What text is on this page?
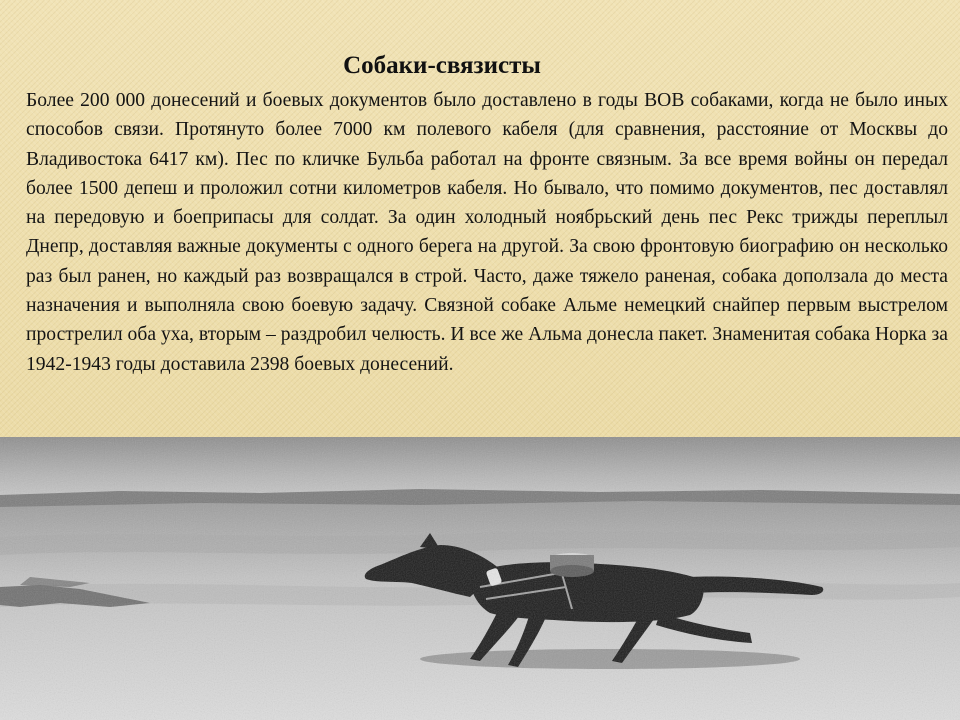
Собаки-связисты

Более 200 000 донесений и боевых документов было доставлено в годы ВОВ собаками, когда не было иных способов связи. Протянуто более 7000 км полевого кабеля (для сравнения, расстояние от Москвы до Владивостока 6417 км). Пес по кличке Бульба работал на фронте связным. За все время войны он передал более 1500 депеш и проложил сотни километров кабеля. Но бывало, что помимо документов, пес доставлял на передовую и боеприпасы для солдат. За один холодный ноябрьский день пес Рекс трижды переплыл Днепр, доставляя важные документы с одного берега на другой. За свою фронтовую биографию он несколько раз был ранен, но каждый раз возвращался в строй. Часто, даже тяжело раненая, собака доползала до места назначения и выполняла свою боевую задачу. Связной собаке Альме немецкий снайпер первым выстрелом прострелил оба уха, вторым – раздробил челюсть. И все же Альма донесла пакет. Знаменитая собака Норка за 1942-1943 годы доставила 2398 боевых донесений.
